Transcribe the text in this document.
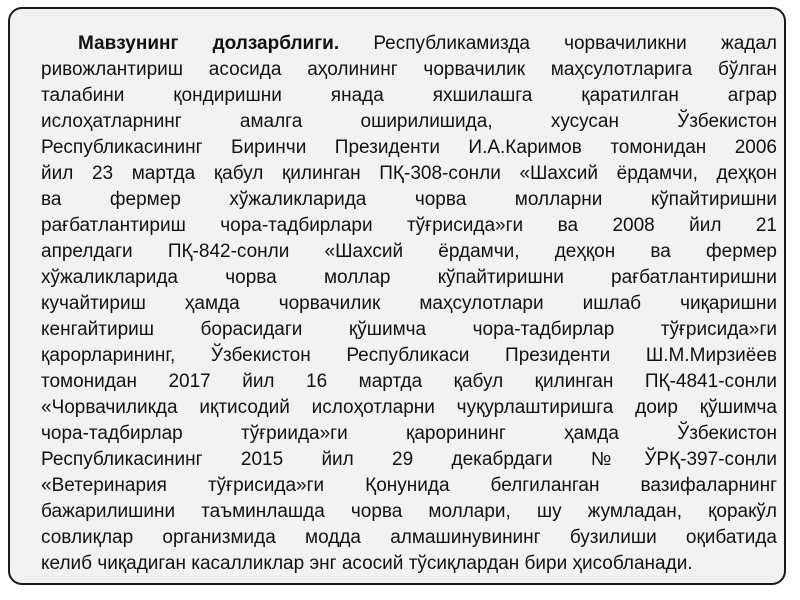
Мавзунинг долзарблиги. Республикамизда чорвачиликни жадал
ривожлантириш асосида аҳолининг чорвачилик маҳсулотларига бўлган
талабини қондиришни янада яхшилашга қаратилган аграр
ислоҳатларнинг амалга оширилишида, хусусан Ўзбекистон
Республикасининг Биринчи Президенти И.А.Каримов томонидан 2006
йил 23 мартда қабул қилинган ПҚ-308-сонли «Шахсий ёрдамчи, деҳқон
ва фермер хўжаликларида чорва молларни кўпайтиришни
рағбатлантириш чора-тадбирлари тўғрисида»ги ва 2008 йил 21
апрелдаги ПҚ-842-сонли «Шахсий ёрдамчи, деҳқон ва фермер
хўжаликларида чорва моллар кўпайтиришни рағбатлантиришни
кучайтириш ҳамда чорвачилик маҳсулотлари ишлаб чиқаришни
кенгайтириш борасидаги қўшимча чора-тадбирлар тўғрисида»ги
қарорларининг, Ўзбекистон Республикаси Президенти Ш.М.Мирзиёев
томонидан 2017 йил 16 мартда қабул қилинган ПҚ-4841-сонли
«Чорвачиликда иқтисодий ислоҳотларни чуқурлаштиришга доир қўшимча
чора-тадбирлар тўғриида»ги қарорининг ҳамда Ўзбекистон
Республикасининг 2015 йил 29 декабрдаги №ЎРҚ-397-сонли
«Ветеринария тўғрисида»ги Қонунида белгиланган вазифаларнинг
бажарилишини таъминлашда чорва моллари, шу жумладан, қоракўл
совлиқлар организмида модда алмашинувининг бузилиши оқибатида
келиб чиқадиган касалликлар энг асосий тўсиқлардан бири ҳисобланади.
